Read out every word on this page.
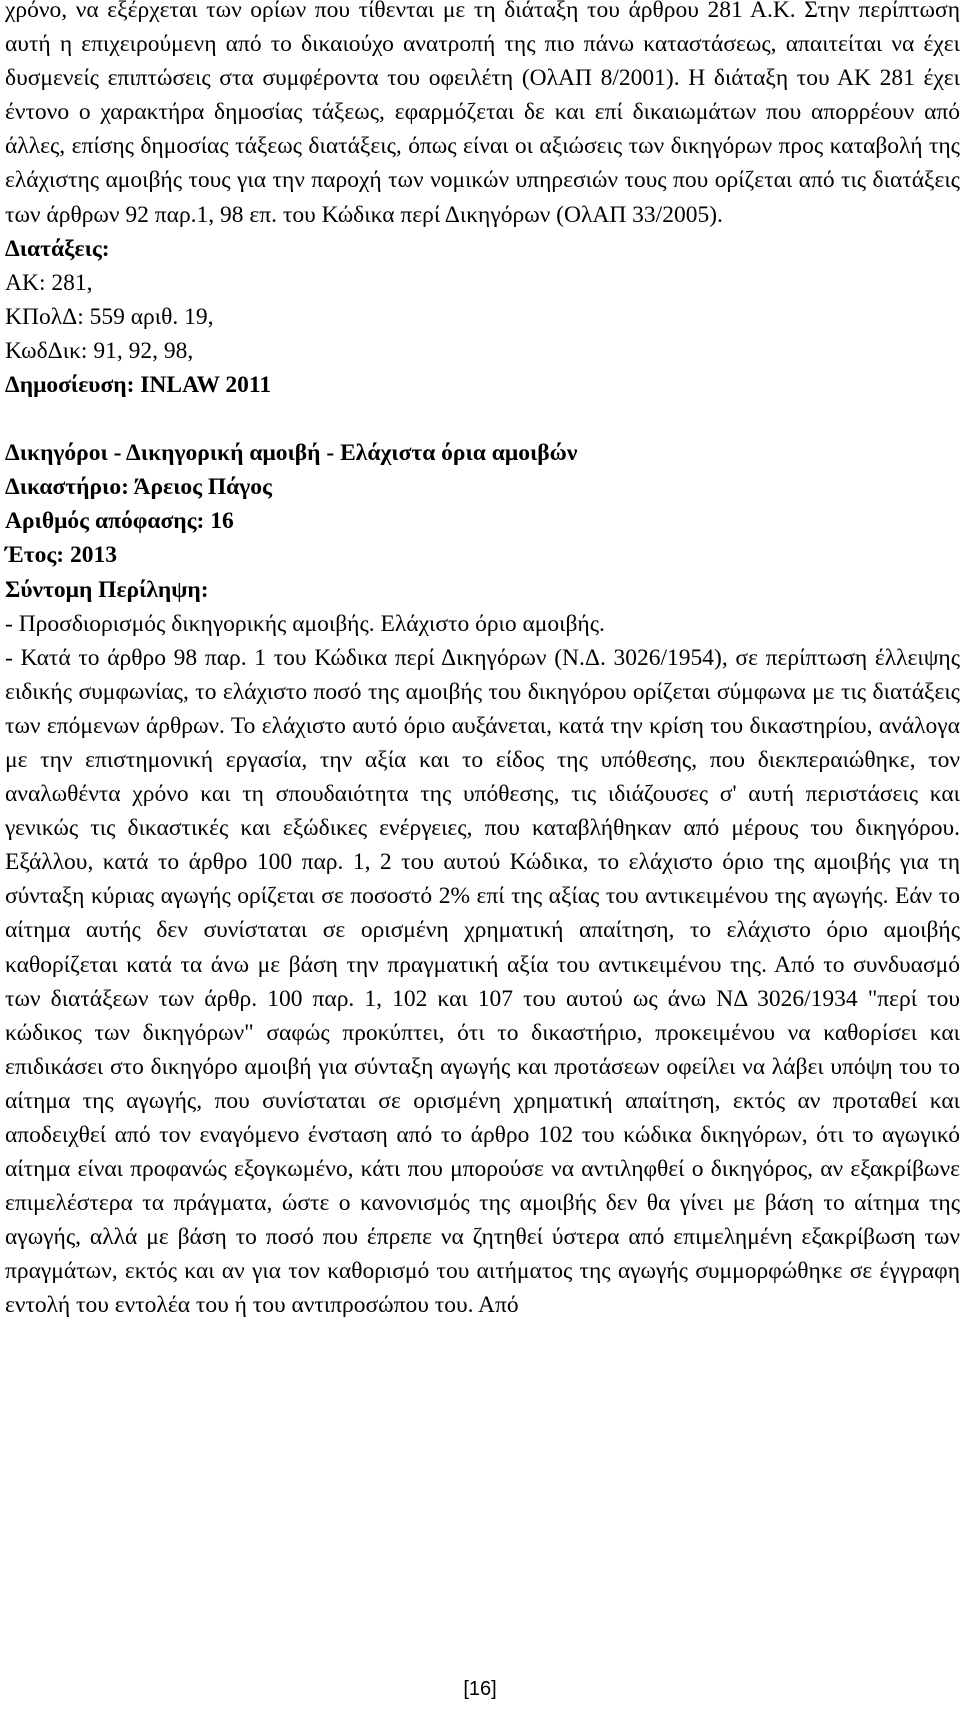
χρόνο, να εξέρχεται των ορίων που τίθενται με τη διάταξη του άρθρου 281 Α.Κ. Στην περίπτωση αυτή η επιχειρούμενη από το δικαιούχο ανατροπή της πιο πάνω καταστάσεως, απαιτείται να έχει δυσμενείς επιπτώσεις στα συμφέροντα του οφειλέτη (ΟλΑΠ 8/2001). Η διάταξη του ΑΚ 281 έχει έντονο ο χαρακτήρα δημοσίας τάξεως, εφαρμόζεται δε και επί δικαιωμάτων που απορρέουν από άλλες, επίσης δημοσίας τάξεως διατάξεις, όπως είναι οι αξιώσεις των δικηγόρων προς καταβολή της ελάχιστης αμοιβής τους για την παροχή των νομικών υπηρεσιών τους που ορίζεται από τις διατάξεις των άρθρων 92 παρ.1, 98 επ. του Κώδικα περί Δικηγόρων (ΟλΑΠ 33/2005).

Διατάξεις:
ΑΚ: 281,
ΚΠολΔ: 559 αριθ. 19,
ΚωδΔικ: 91, 92, 98,
Δημοσίευση: INLAW 2011
Δικηγόροι - Δικηγορική αμοιβή - Ελάχιστα όρια αμοιβών
Δικαστήριο: Άρειος Πάγος
Αριθμός απόφασης: 16
Έτος: 2013
Σύντομη Περίληψη:
- Προσδιορισμός δικηγορικής αμοιβής. Ελάχιστο όριο αμοιβής.

- Κατά το άρθρο 98 παρ. 1 του Κώδικα περί Δικηγόρων (Ν.Δ. 3026/1954), σε περίπτωση έλλειψης ειδικής συμφωνίας, το ελάχιστο ποσό της αμοιβής του δικηγόρου ορίζεται σύμφωνα με τις διατάξεις των επόμενων άρθρων. Το ελάχιστο αυτό όριο αυξάνεται, κατά την κρίση του δικαστηρίου, ανάλογα με την επιστημονική εργασία, την αξία και το είδος της υπόθεσης, που διεκπεραιώθηκε, τον αναλωθέντα χρόνο και τη σπουδαιότητα της υπόθεσης, τις ιδιάζουσες σ' αυτή περιστάσεις και γενικώς τις δικαστικές και εξώδικες ενέργειες, που καταβλήθηκαν από μέρους του δικηγόρου. Εξάλλου, κατά το άρθρο 100 παρ. 1, 2 του αυτού Κώδικα, το ελάχιστο όριο της αμοιβής για τη σύνταξη κύριας αγωγής ορίζεται σε ποσοστό 2% επί της αξίας του αντικειμένου της αγωγής. Εάν το αίτημα αυτής δεν συνίσταται σε ορισμένη χρηματική απαίτηση, το ελάχιστο όριο αμοιβής καθορίζεται κατά τα άνω με βάση την πραγματική αξία του αντικειμένου της. Από το συνδυασμό των διατάξεων των άρθρ. 100 παρ. 1, 102 και 107 του αυτού ως άνω ΝΔ 3026/1934 "περί του κώδικος των δικηγόρων" σαφώς προκύπτει, ότι το δικαστήριο, προκειμένου να καθορίσει και επιδικάσει στο δικηγόρο αμοιβή για σύνταξη αγωγής και προτάσεων οφείλει να λάβει υπόψη του το αίτημα της αγωγής, που συνίσταται σε ορισμένη χρηματική απαίτηση, εκτός αν προταθεί και αποδειχθεί από τον εναγόμενο ένσταση από το άρθρο 102 του κώδικα δικηγόρων, ότι το αγωγικό αίτημα είναι προφανώς εξογκωμένο, κάτι που μπορούσε να αντιληφθεί ο δικηγόρος, αν εξακρίβωνε επιμελέστερα τα πράγματα, ώστε ο κανονισμός της αμοιβής δεν θα γίνει με βάση το αίτημα της αγωγής, αλλά με βάση το ποσό που έπρεπε να ζητηθεί ύστερα από επιμελημένη εξακρίβωση των πραγμάτων, εκτός και αν για τον καθορισμό του αιτήματος της αγωγής συμμορφώθηκε σε έγγραφη εντολή του εντολέα του ή του αντιπροσώπου του. Από

[16]
